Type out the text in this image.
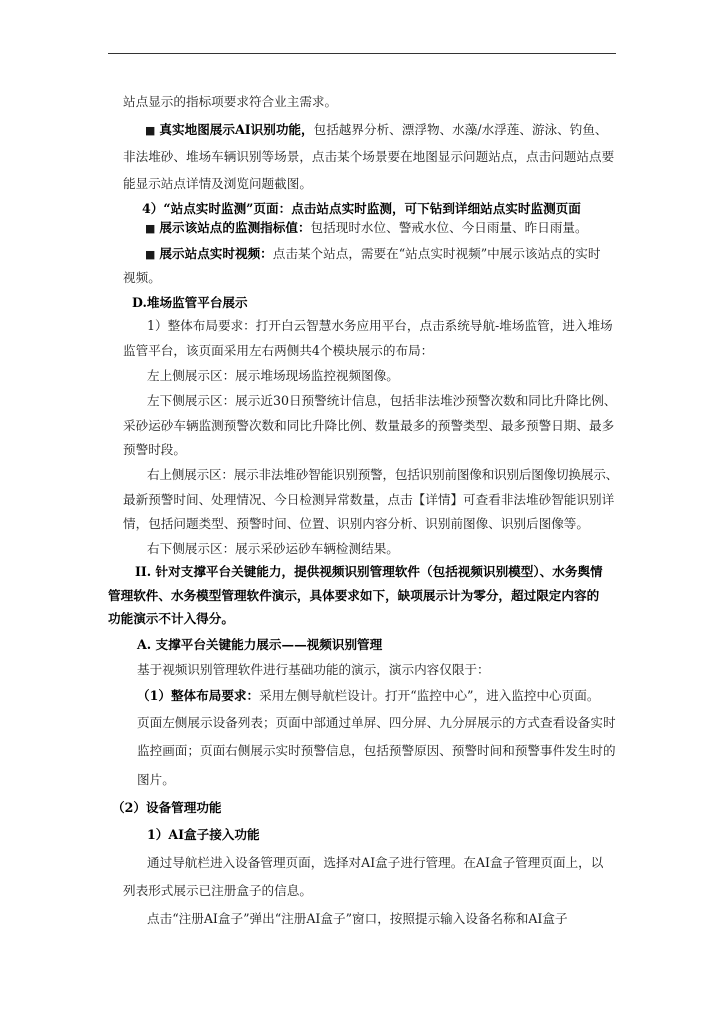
站点显示的指标项要求符合业主需求。
■ 真实地图展示AI识别功能，包括越界分析、漂浮物、水藻/水浮莲、游泳、钓鱼、
非法堆砂、堆场车辆识别等场景，点击某个场景要在地图显示问题站点，点击问题站点要
能显示站点详情及浏览问题截图。
4）“站点实时监测”页面：点击站点实时监测，可下钻到详细站点实时监测页面
■ 展示该站点的监测指标值：包括现时水位、警戒水位、今日雨量、昨日雨量。
■ 展示站点实时视频：点击某个站点，需要在“站点实时视频”中展示该站点的实时
视频。
D.堆场监管平台展示
1）整体布局要求：打开白云智慧水务应用平台，点击系统导航-堆场监管，进入堆场
监管平台，该页面采用左右两侧共4个模块展示的布局：
左上侧展示区：展示堆场现场监控视频图像。
左下侧展示区：展示近30日预警统计信息，包括非法堆沙预警次数和同比升降比例、
采砂运砂车辆监测预警次数和同比升降比例、数量最多的预警类型、最多预警日期、最多
预警时段。
右上侧展示区：展示非法堆砂智能识别预警，包括识别前图像和识别后图像切换展示、
最新预警时间、处理情况、今日检测异常数量，点击【详情】可查看非法堆砂智能识别详
情，包括问题类型、预警时间、位置、识别内容分析、识别前图像、识别后图像等。
右下侧展示区：展示采砂运砂车辆检测结果。
II. 针对支撑平台关键能力，提供视频识别管理软件（包括视频识别模型）、水务舆情
管理软件、水务模型管理软件演示，具体要求如下，缺项展示计为零分，超过限定内容的
功能演示不计入得分。
A. 支撑平台关键能力展示——视频识别管理
基于视频识别管理软件进行基础功能的演示，演示内容仅限于：
（1）整体布局要求：采用左侧导航栏设计。打开“监控中心”，进入监控中心页面。
页面左侧展示设备列表；页面中部通过单屏、四分屏、九分屏展示的方式查看设备实时
监控画面；页面右侧展示实时预警信息，包括预警原因、预警时间和预警事件发生时的
图片。
（2）设备管理功能
1）AI盒子接入功能
通过导航栏进入设备管理页面，选择对AI盒子进行管理。在AI盒子管理页面上，以
列表形式展示已注册盒子的信息。
点击“注册AI盒子”弹出“注册AI盒子”窗口，按照提示输入设备名称和AI盒子
